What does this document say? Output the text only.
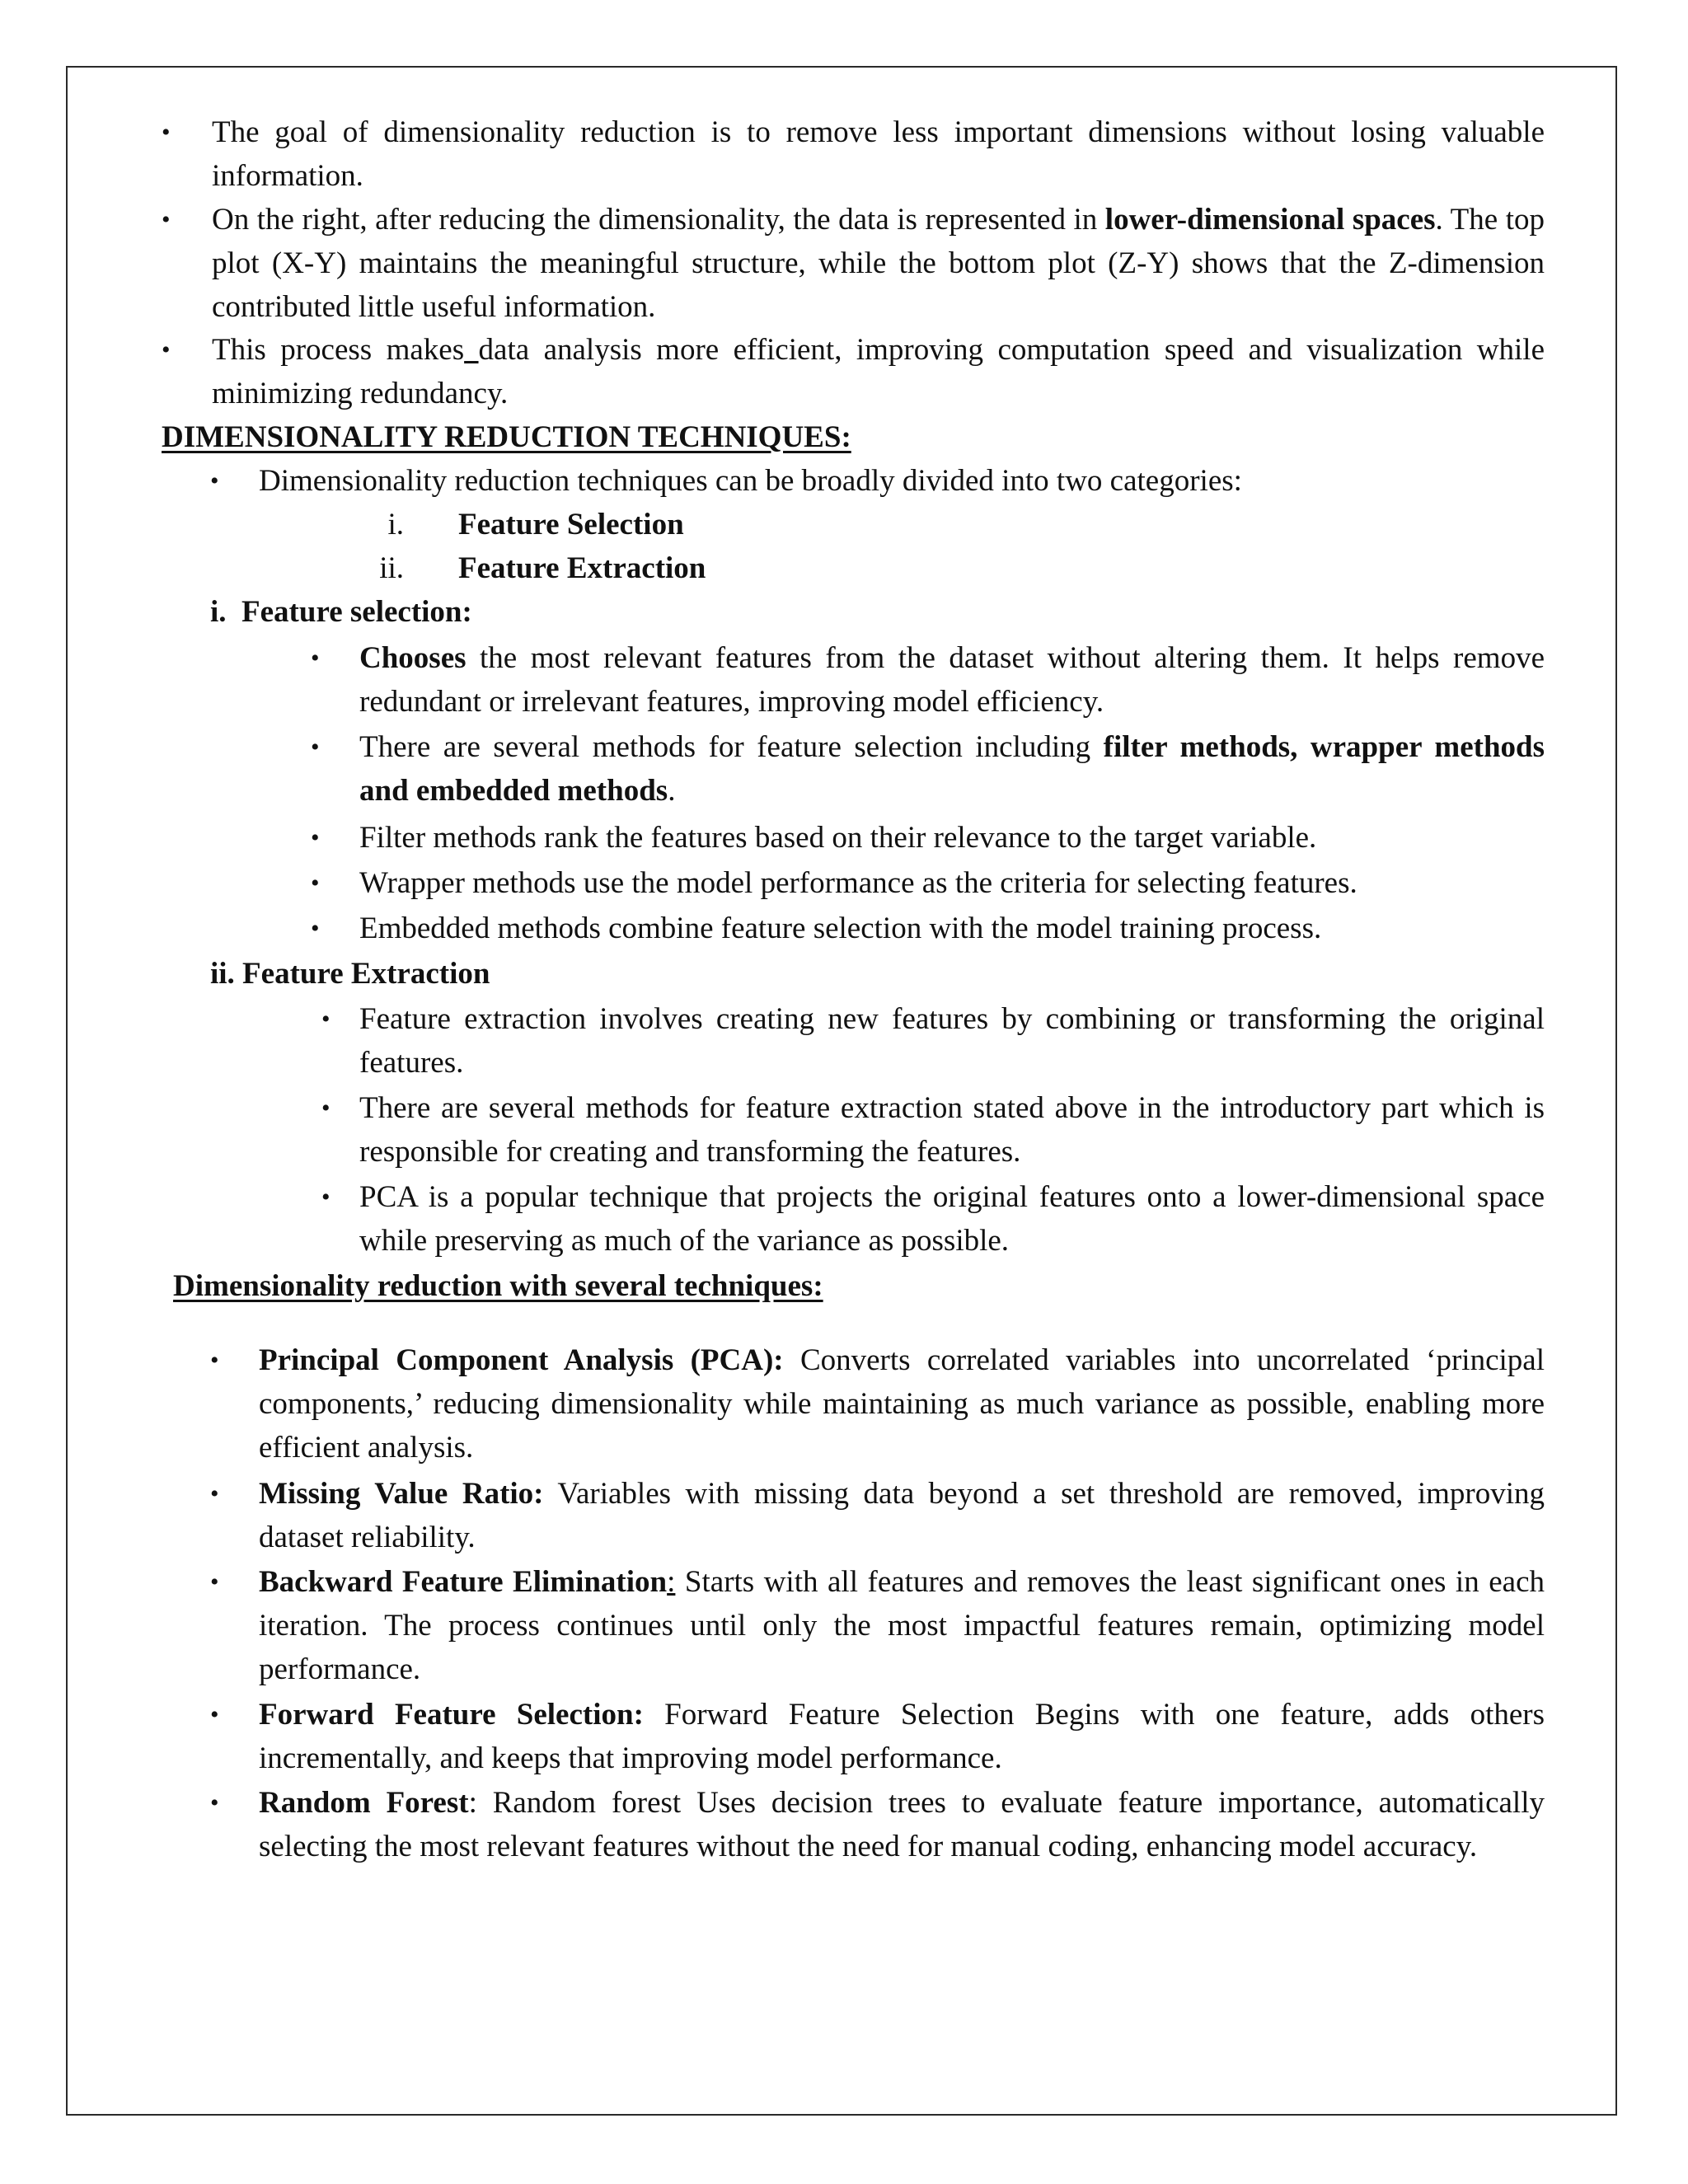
• The goal of dimensionality reduction is to remove less important dimensions without losing valuable information.
• On the right, after reducing the dimensionality, the data is represented in lower-dimensional spaces. The top plot (X-Y) maintains the meaningful structure, while the bottom plot (Z-Y) shows that the Z-dimension contributed little useful information.
• This process makes data analysis more efficient, improving computation speed and visualization while minimizing redundancy.
DIMENSIONALITY REDUCTION TECHNIQUES:
• Dimensionality reduction techniques can be broadly divided into two categories:
i. Feature Selection
ii. Feature Extraction
i.  Feature selection:
• Chooses the most relevant features from the dataset without altering them. It helps remove redundant or irrelevant features, improving model efficiency.
• There are several methods for feature selection including filter methods, wrapper methods and embedded methods.
• Filter methods rank the features based on their relevance to the target variable.
• Wrapper methods use the model performance as the criteria for selecting features.
• Embedded methods combine feature selection with the model training process.
ii. Feature Extraction
• Feature extraction involves creating new features by combining or transforming the original features.
• There are several methods for feature extraction stated above in the introductory part which is responsible for creating and transforming the features.
• PCA is a popular technique that projects the original features onto a lower-dimensional space while preserving as much of the variance as possible.
Dimensionality reduction with several techniques:
• Principal Component Analysis (PCA): Converts correlated variables into uncorrelated ‘principal components,’ reducing dimensionality while maintaining as much variance as possible, enabling more efficient analysis.
• Missing Value Ratio: Variables with missing data beyond a set threshold are removed, improving dataset reliability.
• Backward Feature Elimination: Starts with all features and removes the least significant ones in each iteration. The process continues until only the most impactful features remain, optimizing model performance.
• Forward Feature Selection: Forward Feature Selection Begins with one feature, adds others incrementally, and keeps that improving model performance.
• Random Forest: Random forest Uses decision trees to evaluate feature importance, automatically selecting the most relevant features without the need for manual coding, enhancing model accuracy.
